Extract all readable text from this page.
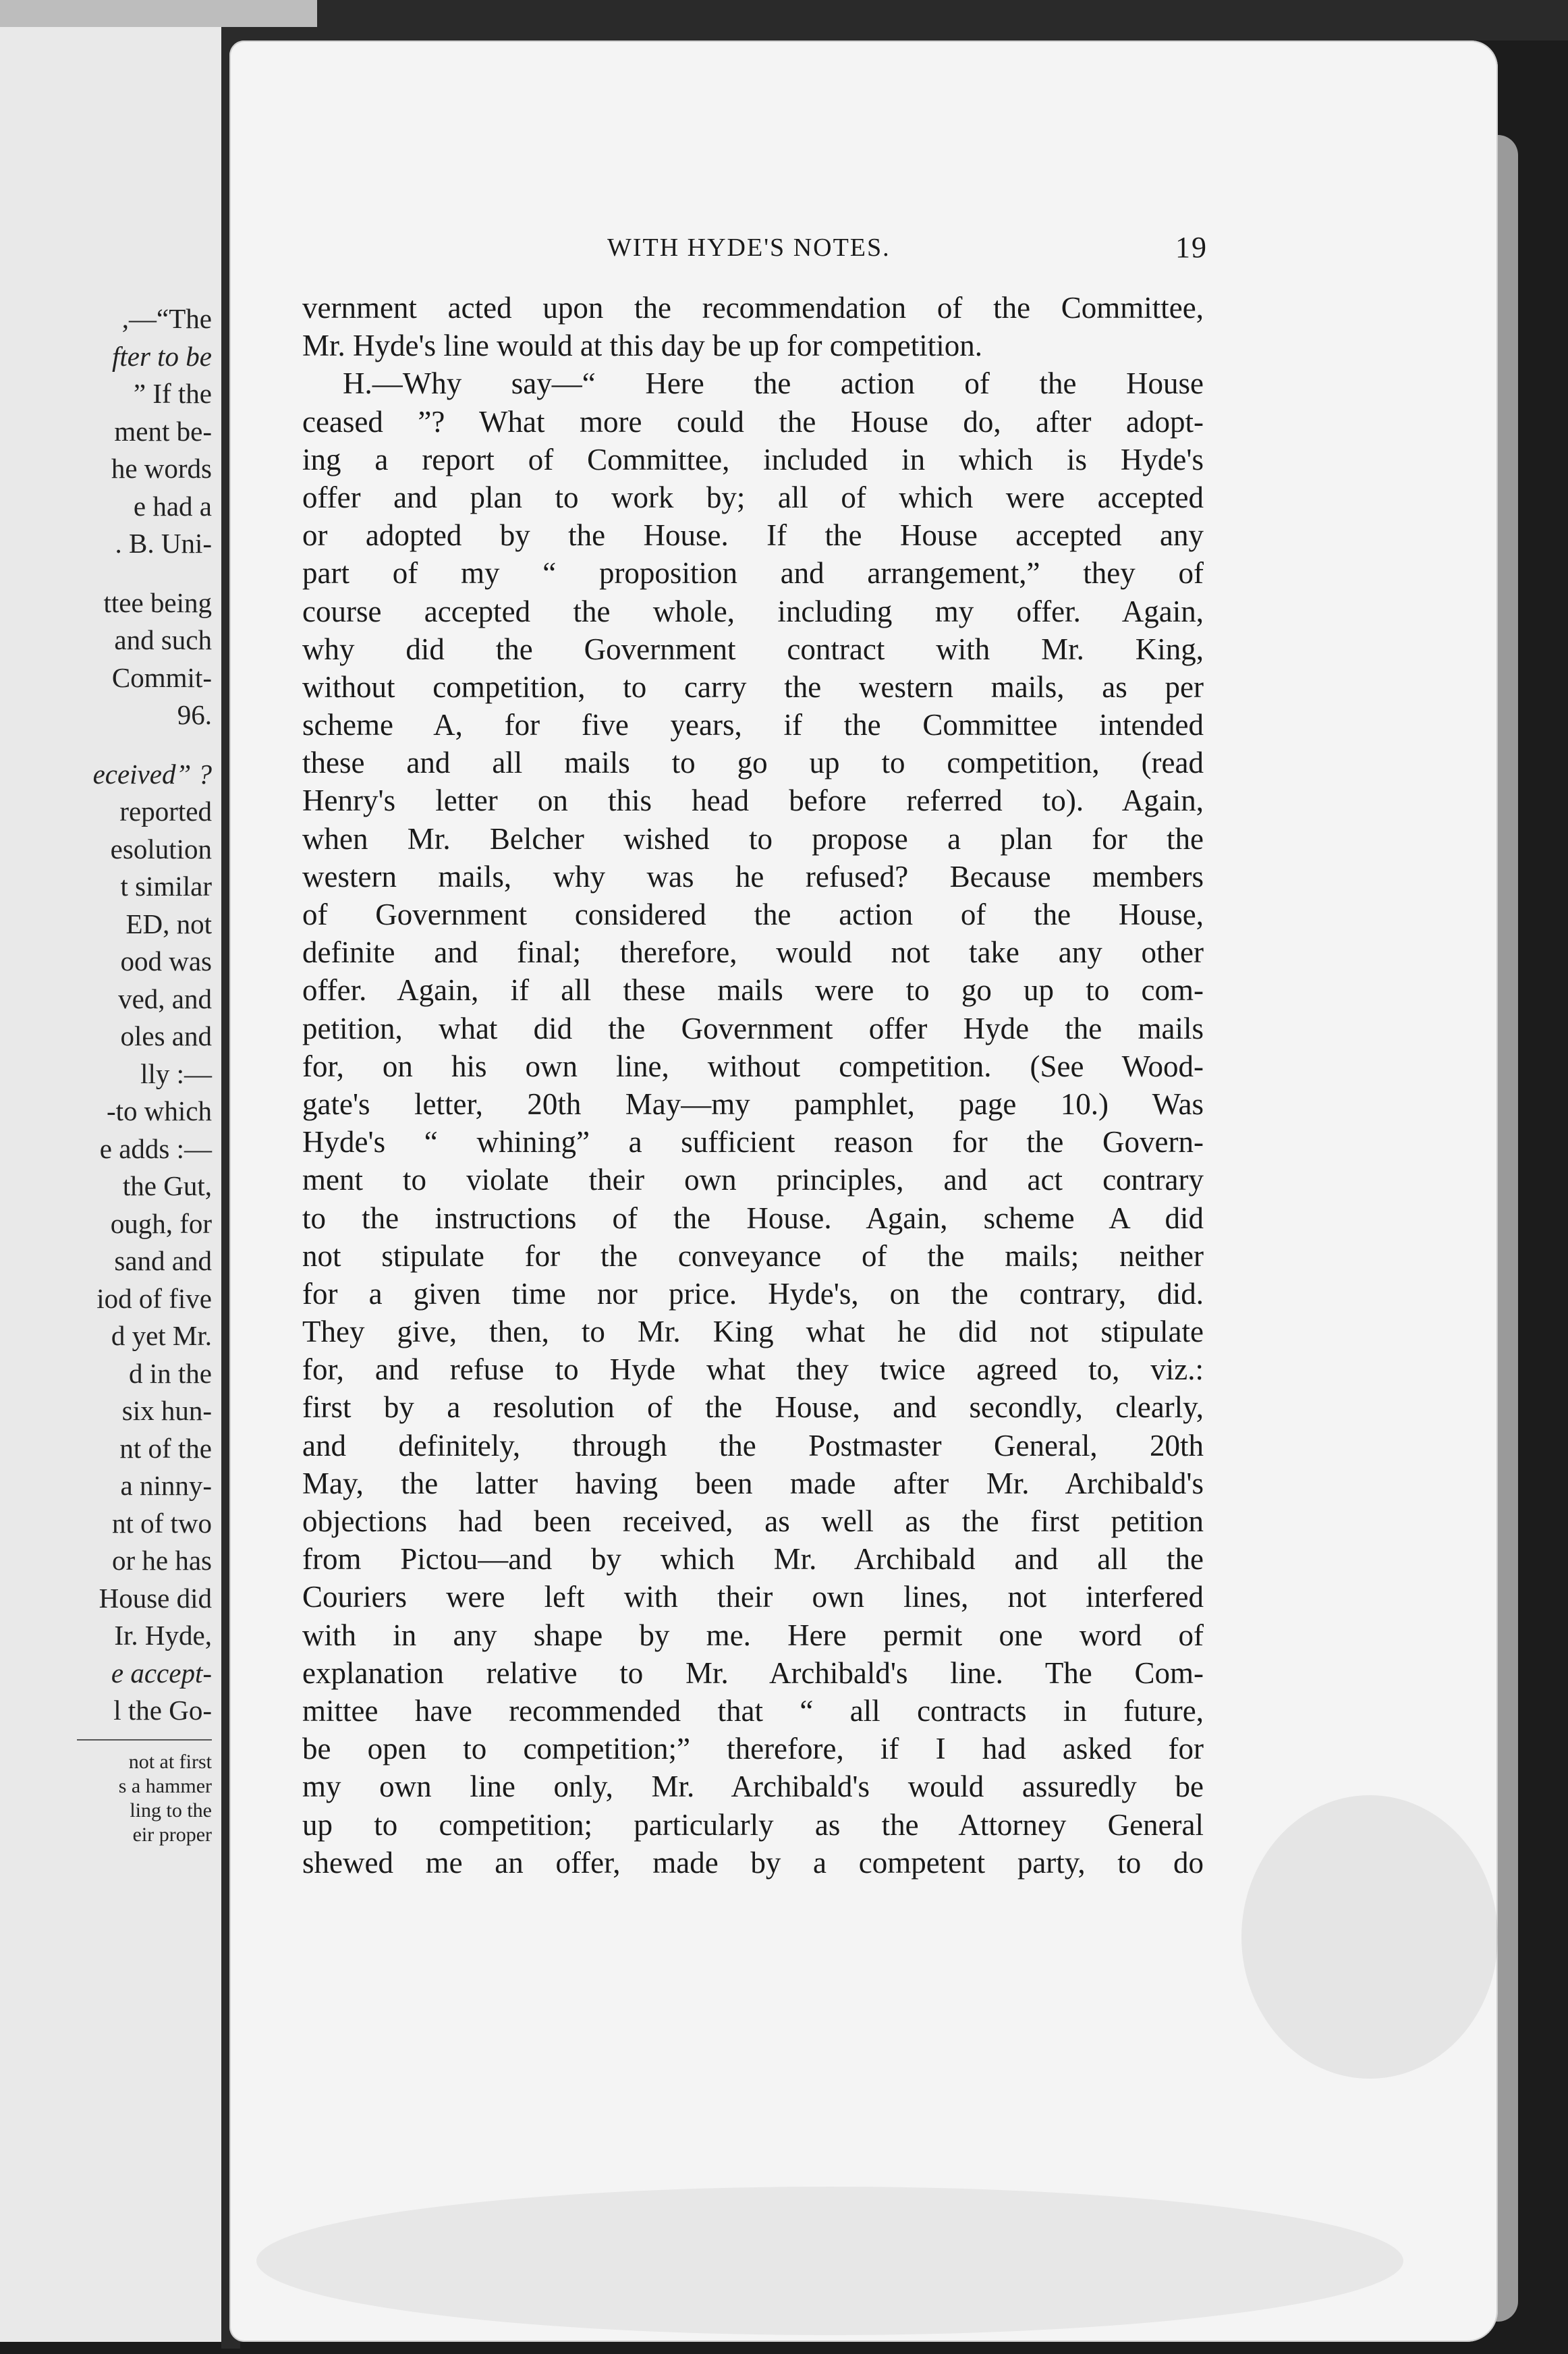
,—“The
fter to be
” If the
ment be-
he words
e had a
. B. Uni-
ttee being
and such
Commit-
96.
eceived” ?
reported
esolution
t similar
ED, not
ood was
ved, and
oles and
lly :—
-to which
e adds :—
the Gut,
ough, for
sand and
iod of five
d yet Mr.
d in the
six hun-
nt of the
a ninny-
nt of two
or he has
House did
Ir. Hyde,
e accept-
l the Go-
not at first
s a hammer
ling to the
eir proper
WITH HYDE'S NOTES.	19
vernment acted upon the recommendation of the Committee,
Mr. Hyde's line would at this day be up for competition.
H.—Why say—“ Here the action of the House
ceased ”? What more could the House do, after adopt-
ing a report of Committee, included in which is Hyde's
offer and plan to work by; all of which were accepted
or adopted by the House. If the House accepted any
part of my “ proposition and arrangement,” they of
course accepted the whole, including my offer. Again,
why did the Government contract with Mr. King,
without competition, to carry the western mails, as per
scheme A, for five years, if the Committee intended
these and all mails to go up to competition, (read
Henry's letter on this head before referred to). Again,
when Mr. Belcher wished to propose a plan for the
western mails, why was he refused? Because members
of Government considered the action of the House,
definite and final; therefore, would not take any other
offer. Again, if all these mails were to go up to com-
petition, what did the Government offer Hyde the mails
for, on his own line, without competition. (See Wood-
gate's letter, 20th May—my pamphlet, page 10.) Was
Hyde's “ whining” a sufficient reason for the Govern-
ment to violate their own principles, and act contrary
to the instructions of the House. Again, scheme A did
not stipulate for the conveyance of the mails; neither
for a given time nor price. Hyde's, on the contrary, did.
They give, then, to Mr. King what he did not stipulate
for, and refuse to Hyde what they twice agreed to, viz.:
first by a resolution of the House, and secondly, clearly,
and definitely, through the Postmaster General, 20th
May, the latter having been made after Mr. Archibald's
objections had been received, as well as the first petition
from Pictou—and by which Mr. Archibald and all the
Couriers were left with their own lines, not interfered
with in any shape by me. Here permit one word of
explanation relative to Mr. Archibald's line. The Com-
mittee have recommended that “ all contracts in future,
be open to competition;” therefore, if I had asked for
my own line only, Mr. Archibald's would assuredly be
up to competition; particularly as the Attorney General
shewed me an offer, made by a competent party, to do
